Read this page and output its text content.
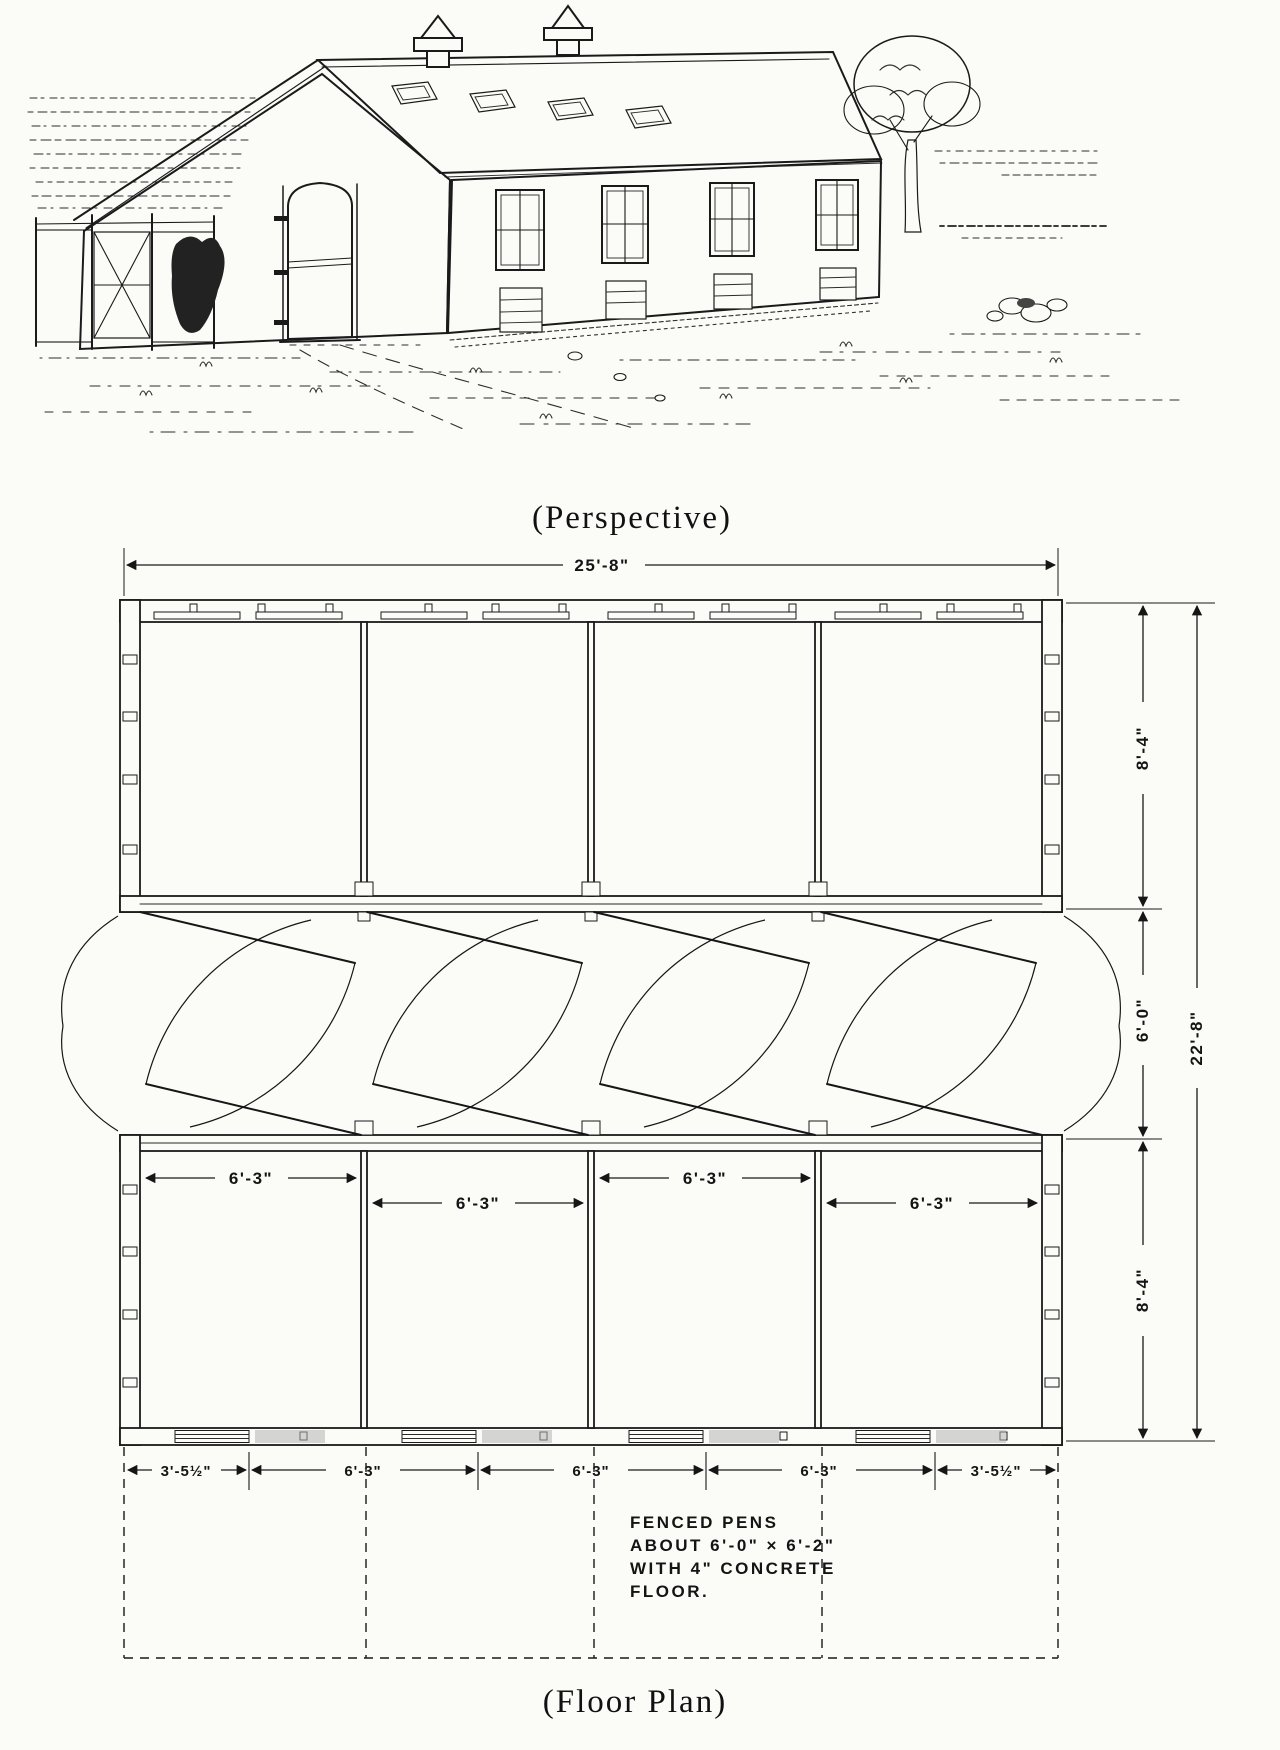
(Perspective)
6'-3"
6'-3"
6'-3"
6'-3"
25'-8"
8'-4"
6'-0"
8'-4"
22'-8"
3'-5½"	6'-3"	6'-3"	6'-3"	3'-5½"
FENCED PENS
ABOUT 6'-0" × 6'-2"
WITH 4" CONCRETE
FLOOR.
(Floor Plan)
